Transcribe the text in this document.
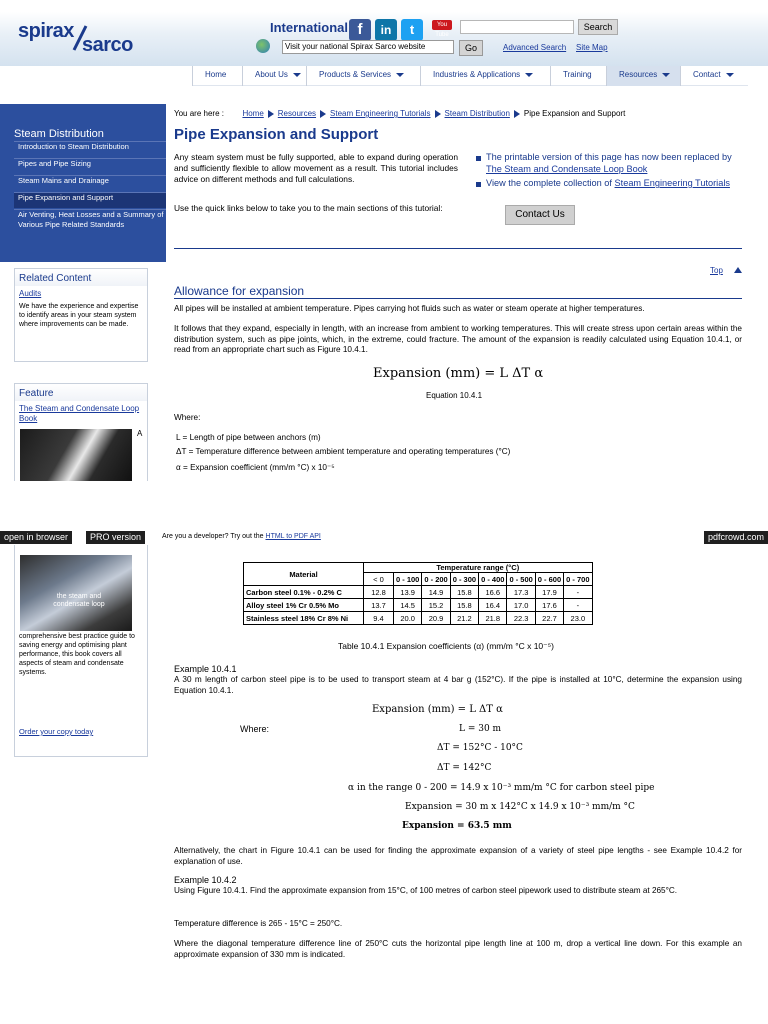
spirax
sarco
International f	in	t	You Tube
Search
Visit your national Spirax Sarco website	Go	Advanced Search Site Map
Home	About Us	Products & Services	Industries & Applications	Training	Resources	Contact
Steam Distribution
Introduction to Steam Distribution
Pipes and Pipe Sizing
Steam Mains and Drainage
Pipe Expansion and Support
Air Venting, Heat Losses and a Summary of Various Pipe Related Standards
Related Content
Audits
We have the experience and expertise to identify areas in your steam system where improvements can be made.
Feature
The Steam and Condensate Loop Book
A
You are here : Home Resources Steam Engineering Tutorials Steam Distribution Pipe Expansion and Support
Pipe Expansion and Support
Any steam system must be fully supported, able to expand during operation and sufficiently flexible to allow movement as a result. This tutorial includes advice on different methods and full calculations.
Use the quick links below to take you to the main sections of this tutorial:
The printable version of this page has now been replaced by The Steam and Condensate Loop Book
View the complete collection of Steam Engineering Tutorials
Contact Us
Top
Allowance for expansion
All pipes will be installed at ambient temperature. Pipes carrying hot fluids such as water or steam operate at higher temperatures.
It follows that they expand, especially in length, with an increase from ambient to working temperatures. This will create stress upon certain areas within the distribution system, such as pipe joints, which, in the extreme, could fracture. The amount of the expansion is readily calculated using Equation 10.4.1, or read from an appropriate chart such as Figure 10.4.1.
Expansion (mm) = L ΔT α
Equation 10.4.1
Where:
L = Length of pipe between anchors (m)
ΔT = Temperature difference between ambient temperature and operating temperatures (°C)
α = Expansion coefficient (mm/m °C) x 10⁻⁵
open in browser	PRO version	Are you a developer? Try out the HTML to PDF API	pdfcrowd.com
the steam and condensate loop
comprehensive best practice guide to saving energy and optimising plant performance, this book covers all aspects of steam and condensate systems.
Order your copy today
Material	Temperature range (°C)							
	< 0	0 - 100	0 - 200	0 - 300	0 - 400	0 - 500	0 - 600	0 - 700
Carbon steel 0.1% - 0.2% C	12.8	13.9	14.9	15.8	16.6	17.3	17.9	-
Alloy steel 1% Cr 0.5% Mo	13.7	14.5	15.2	15.8	16.4	17.0	17.6	-
Stainless steel 18% Cr 8% Ni	9.4	20.0	20.9	21.2	21.8	22.3	22.7	23.0
Table 10.4.1 Expansion coefficients (α) (mm/m °C x 10⁻⁵)
Example 10.4.1
A 30 m length of carbon steel pipe is to be used to transport steam at 4 bar g (152°C). If the pipe is installed at 10°C, determine the expansion using Equation 10.4.1.
Expansion (mm) = L ΔT α
Where:	L = 30 m
ΔT = 152°C - 10°C
ΔT = 142°C
α in the range 0 - 200 = 14.9 x 10⁻³ mm/m °C for carbon steel pipe
Expansion = 30 m x 142°C x 14.9 x 10⁻³ mm/m °C
Expansion = 63.5 mm
Alternatively, the chart in Figure 10.4.1 can be used for finding the approximate expansion of a variety of steel pipe lengths - see Example 10.4.2 for explanation of use.
Example 10.4.2
Using Figure 10.4.1. Find the approximate expansion from 15°C, of 100 metres of carbon steel pipework used to distribute steam at 265°C.
Temperature difference is 265 - 15°C = 250°C.
Where the diagonal temperature difference line of 250°C cuts the horizontal pipe length line at 100 m, drop a vertical line down. For this example an approximate expansion of 330 mm is indicated.
